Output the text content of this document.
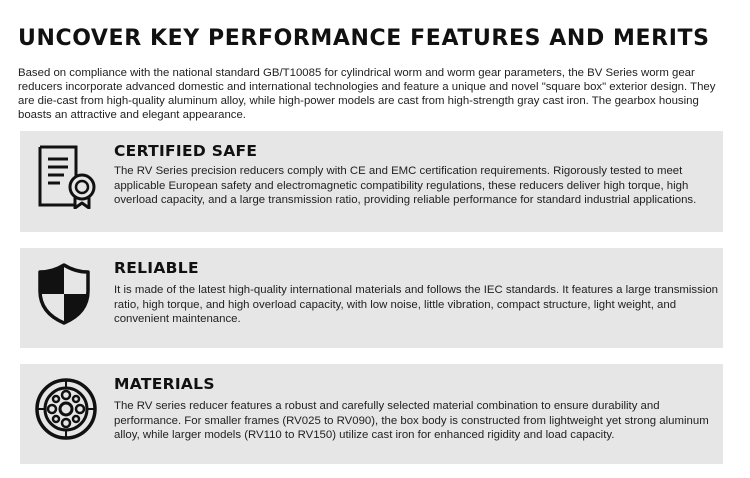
UNCOVER KEY PERFORMANCE FEATURES AND MERITS

Based on compliance with the national standard GB/T10085 for cylindrical worm and worm gear parameters, the BV Series worm gear reducers incorporate advanced domestic and international technologies and feature a unique and novel "square box" exterior design. They are die-cast from high-quality aluminum alloy, while high-power models are cast from high-strength gray cast iron. The gearbox housing boasts an attractive and elegant appearance.

CERTIFIED SAFE

The RV Series precision reducers comply with CE and EMC certification requirements. Rigorously tested to meet applicable European safety and electromagnetic compatibility regulations, these reducers deliver high torque, high overload capacity, and a large transmission ratio, providing reliable performance for standard industrial applications.

RELIABLE

It is made of the latest high-quality international materials and follows the IEC standards. It features a large transmission ratio, high torque, and high overload capacity, with low noise, little vibration, compact structure, light weight, and convenient maintenance.

MATERIALS

The RV series reducer features a robust and carefully selected material combination to ensure durability and performance. For smaller frames (RV025 to RV090), the box body is constructed from lightweight yet strong aluminum alloy, while larger models (RV110 to RV150) utilize cast iron for enhanced rigidity and load capacity.
